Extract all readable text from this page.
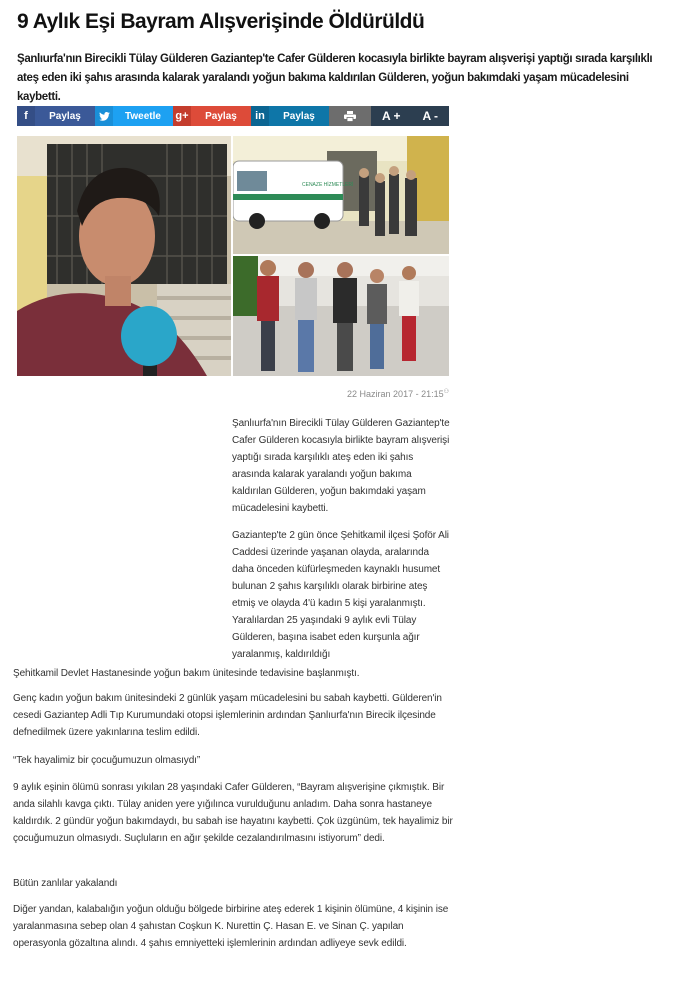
9 Aylık Eşi Bayram Alışverişinde Öldürüldü
Şanlıurfa'nın Birecikli Tülay Gülderen Gaziantep'te Cafer Gülderen kocasıyla birlikte bayram alışverişi yaptığı sırada karşılıklı ateş eden iki şahıs arasında kalarak yaralandı yoğun bakıma kaldırılan Gülderen, yoğun bakımdaki yaşam mücadelesini kaybetti.
f	Paylaş	Tweetle	g+	Paylaş	in	Paylaş	A + A -
CENAZE HİZMETLERİ
22 Haziran 2017 - 21:15⚇

Şanlıurfa'nın Birecikli Tülay Gülderen Gaziantep'te Cafer Gülderen kocasıyla birlikte bayram alışverişi yaptığı sırada karşılıklı ateş eden iki şahıs arasında kalarak yaralandı yoğun bakıma kaldırılan Gülderen, yoğun bakımdaki yaşam mücadelesini kaybetti.

Gaziantep'te 2 gün önce Şehitkamil ilçesi Şoför Ali Caddesi üzerinde yaşanan olayda, aralarında daha önceden küfürleşmeden kaynaklı husumet bulunan 2 şahıs karşılıklı olarak birbirine ateş etmiş ve olayda 4'ü kadın 5 kişi yaralanmıştı. Yaralılardan 25 yaşındaki 9 aylık evli Tülay Gülderen, başına isabet eden kurşunla ağır yaralanmış, kaldırıldığı

Şehitkamil Devlet Hastanesinde yoğun bakım ünitesinde tedavisine başlanmıştı.

Genç kadın yoğun bakım ünitesindeki 2 günlük yaşam mücadelesini bu sabah kaybetti. Gülderen'in cesedi Gaziantep Adli Tıp Kurumundaki otopsi işlemlerinin ardından Şanlıurfa'nın Birecik ilçesinde defnedilmek üzere yakınlarına teslim edildi.

“Tek hayalimiz bir çocuğumuzun olmasıydı”

9 aylık eşinin ölümü sonrası yıkılan 28 yaşındaki Cafer Gülderen, “Bayram alışverişine çıkmıştık. Bir anda silahlı kavga çıktı. Tülay aniden yere yığılınca vurulduğunu anladım. Daha sonra hastaneye kaldırdık. 2 gündür yoğun bakımdaydı, bu sabah ise hayatını kaybetti. Çok üzgünüm, tek hayalimiz bir çocuğumuzun olmasıydı. Suçluların en ağır şekilde cezalandırılmasını istiyorum” dedi.

Bütün zanlılar yakalandı

Diğer yandan, kalabalığın yoğun olduğu bölgede birbirine ateş ederek 1 kişinin ölümüne, 4 kişinin ise yaralanmasına sebep olan 4 şahıstan Coşkun K. Nurettin Ç. Hasan E. ve Sinan Ç. yapılan operasyonla gözaltına alındı. 4 şahıs emniyetteki işlemlerinin ardından adliyeye sevk edildi.
